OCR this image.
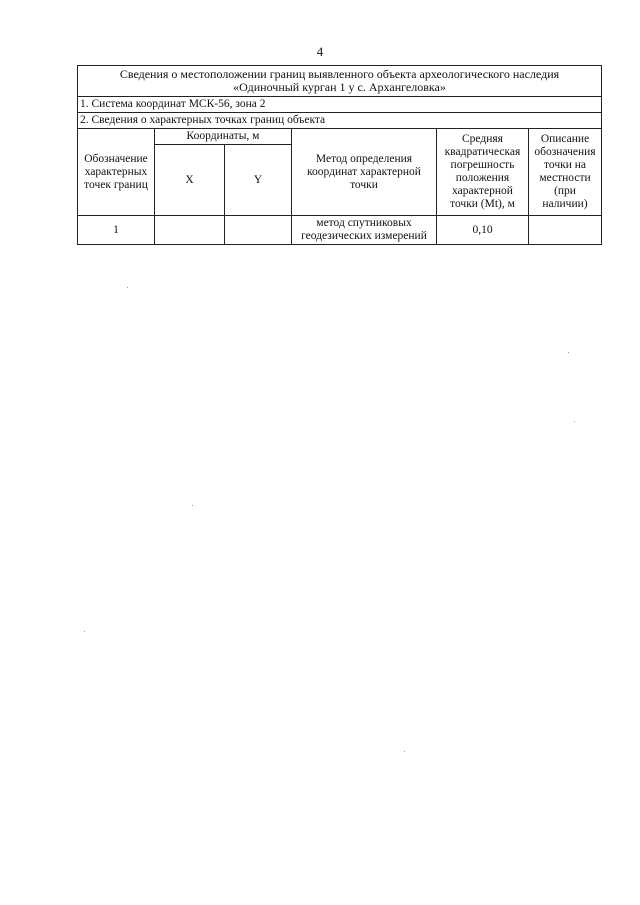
4
Сведения о местоположении границ выявленного объекта археологического наследия
«Одиночный курган 1 у с. Архангеловка»					

1. Система координат МСК-56, зона 2					
2. Сведения о характерных точках границ объекта					
Обозначение характерных точек границ	Координаты, м		Метод определения координат характерной точки	Средняя квадратическая погрешность положения характерной точки (Mt), м	Описание обозначения точки на местности (при наличии)
	X	Y			
1			метод спутниковых геодезических измерений	0,10	
